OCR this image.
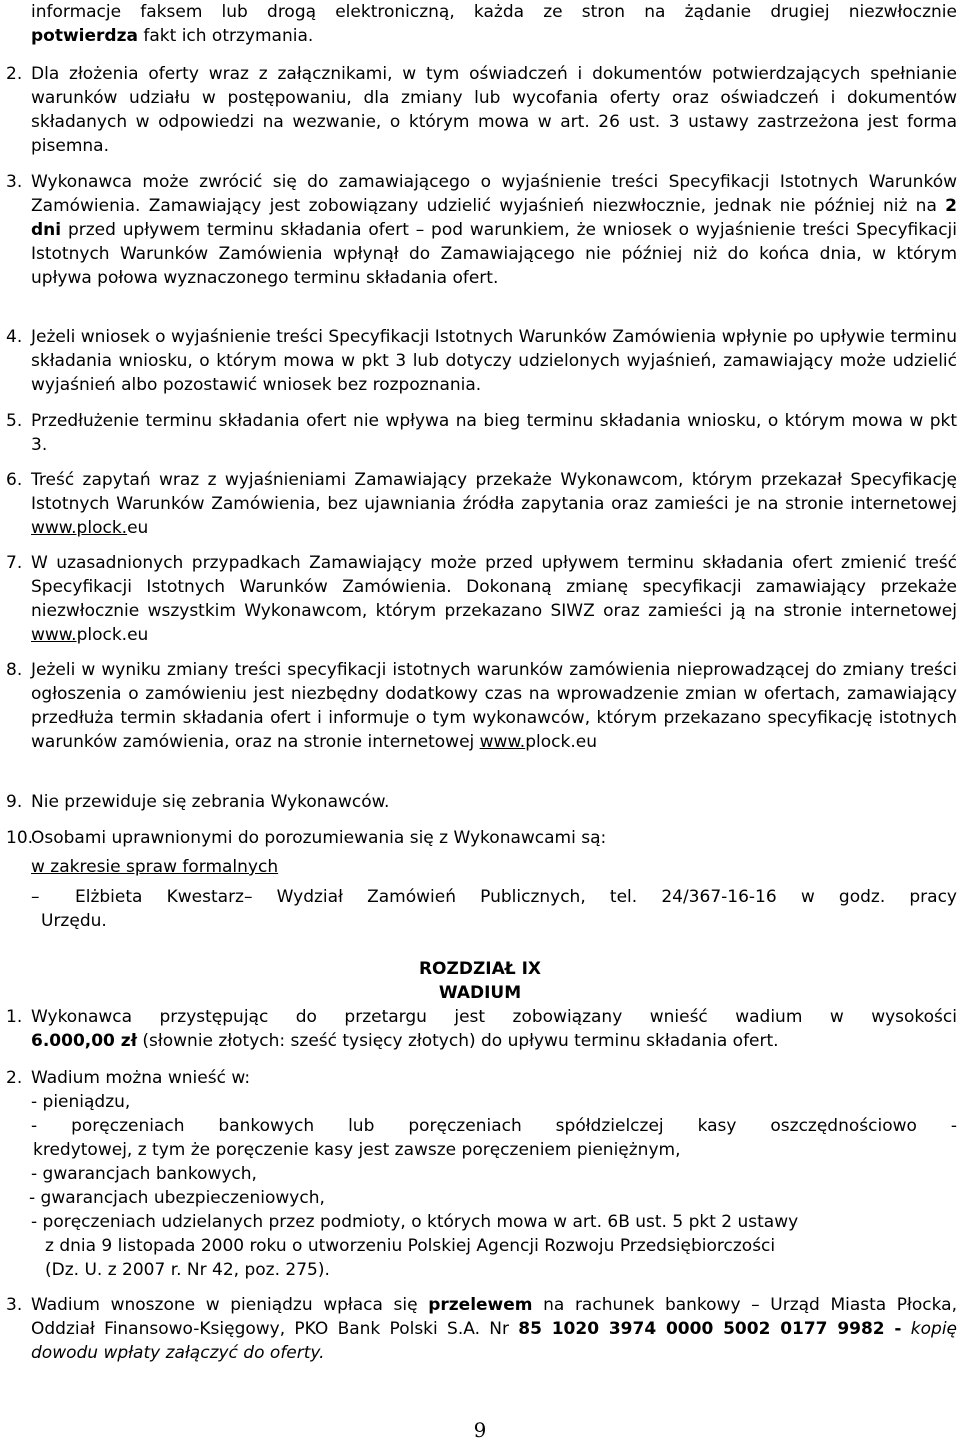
informacje faksem lub drogą elektroniczną, każda ze stron na żądanie drugiej niezwłocznie
potwierdza fakt ich otrzymania.
2. Dla złożenia oferty wraz z załącznikami, w tym oświadczeń i dokumentów potwierdzających spełnianie warunków udziału w postępowaniu, dla zmiany lub wycofania oferty oraz oświadczeń i dokumentów składanych w odpowiedzi na wezwanie, o którym mowa w art. 26 ust. 3 ustawy zastrzeżona jest forma pisemna.
3. Wykonawca może zwrócić się do zamawiającego o wyjaśnienie treści Specyfikacji Istotnych Warunków Zamówienia. Zamawiający jest zobowiązany udzielić wyjaśnień niezwłocznie, jednak nie później niż na 2 dni przed upływem terminu składania ofert – pod warunkiem, że wniosek o wyjaśnienie treści Specyfikacji Istotnych Warunków Zamówienia wpłynął do Zamawiającego nie później niż do końca dnia, w którym upływa połowa wyznaczonego terminu składania ofert.
4. Jeżeli wniosek o wyjaśnienie treści Specyfikacji Istotnych Warunków Zamówienia wpłynie po upływie terminu składania wniosku, o którym mowa w pkt 3 lub dotyczy udzielonych wyjaśnień, zamawiający może udzielić wyjaśnień albo pozostawić wniosek bez rozpoznania.
5. Przedłużenie terminu składania ofert nie wpływa na bieg terminu składania wniosku, o którym mowa w pkt 3.
6. Treść zapytań wraz z wyjaśnieniami Zamawiający przekaże Wykonawcom, którym przekazał Specyfikację Istotnych Warunków Zamówienia, bez ujawniania źródła zapytania oraz zamieści je na stronie internetowej www.plock.eu
7. W uzasadnionych przypadkach Zamawiający może przed upływem terminu składania ofert zmienić treść Specyfikacji Istotnych Warunków Zamówienia. Dokonaną zmianę specyfikacji zamawiający przekaże niezwłocznie wszystkim Wykonawcom, którym przekazano SIWZ oraz zamieści ją na stronie internetowej www.plock.eu
8. Jeżeli w wyniku zmiany treści specyfikacji istotnych warunków zamówienia nieprowadzącej do zmiany treści ogłoszenia o zamówieniu jest niezbędny dodatkowy czas na wprowadzenie zmian w ofertach, zamawiający przedłuża termin składania ofert i informuje o tym wykonawców, którym przekazano specyfikację istotnych warunków zamówienia, oraz na stronie internetowej www.plock.eu
9. Nie przewiduje się zebrania Wykonawców.
10.
Osobami uprawnionymi do porozumiewania się z Wykonawcami są:
w zakresie spraw formalnych
– Elżbieta Kwestarz– Wydział Zamówień Publicznych, tel. 24/367-16-16 w godz. pracy
Urzędu.
ROZDZIAŁ IX
WADIUM
1. Wykonawca przystępując do przetargu jest zobowiązany wnieść wadium w wysokości
6.000,00 zł (słownie złotych: sześć tysięcy złotych) do upływu terminu składania ofert.
2. Wadium można wnieść w:
- pieniądzu,
- poręczeniach bankowych lub poręczeniach spółdzielczej kasy oszczędnościowo -
kredytowej, z tym że poręczenie kasy jest zawsze poręczeniem pieniężnym,
- gwarancjach bankowych,
- gwarancjach ubezpieczeniowych,
- poręczeniach udzielanych przez podmioty, o których mowa w art. 6B ust. 5 pkt 2 ustawy
z dnia 9 listopada 2000 roku o utworzeniu Polskiej Agencji Rozwoju Przedsiębiorczości
(Dz. U. z 2007 r. Nr 42, poz. 275).
3. Wadium wnoszone w pieniądzu wpłaca się przelewem na rachunek bankowy – Urząd Miasta Płocka, Oddział Finansowo-Księgowy, PKO Bank Polski S.A. Nr 85 1020 3974 0000 5002 0177 9982 - kopię dowodu wpłaty załączyć do oferty.
9
